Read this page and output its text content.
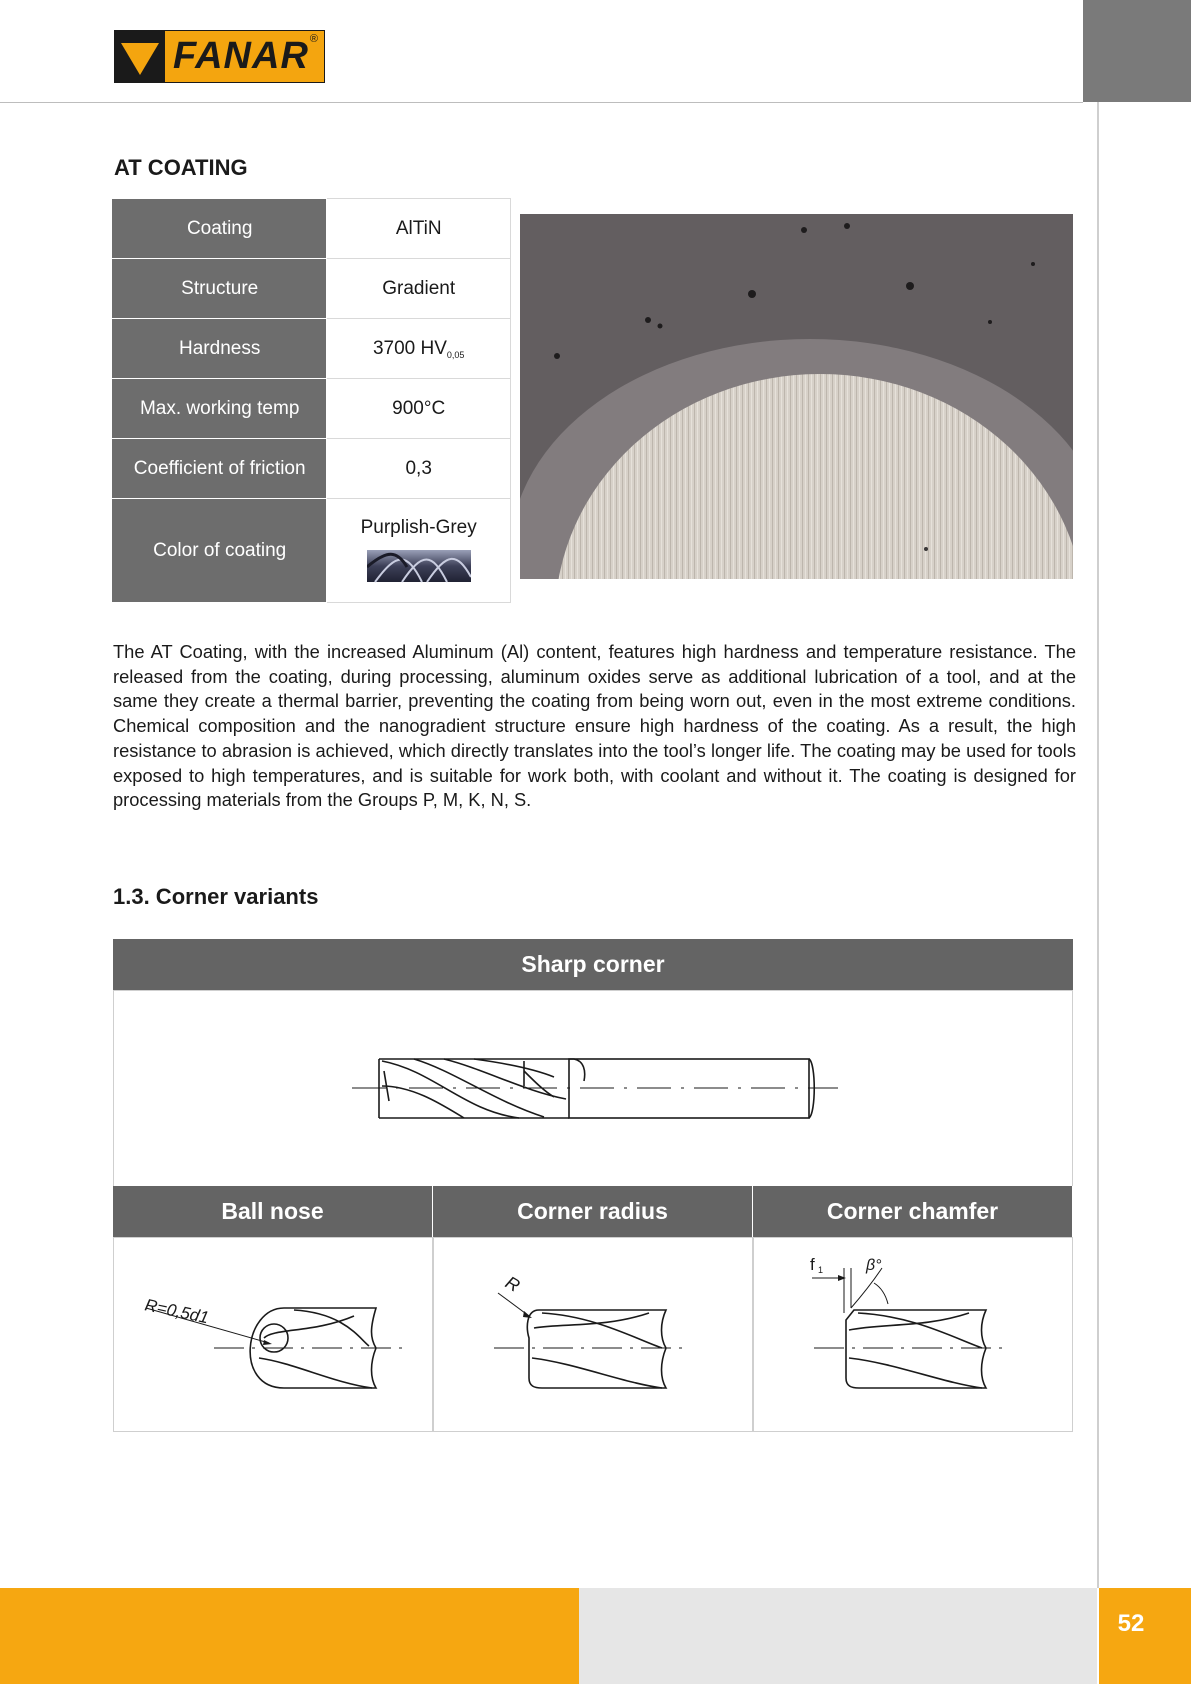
FANAR ®
AT COATING
Coating	AlTiN
Structure	Gradient
Hardness	3700 $HV_{0,05}$
Max. working temp	900°C
Coefficient of friction	0,3
Color of coating	Purplish-Grey

The AT Coating, with the increased Aluminum (Al) content, features high hardness and temperature resistance. The released from the coating, during processing, aluminum oxides serve as additional lubrication of a tool, and at the same they create a thermal barrier, preventing the coating from being worn out, even in the most extreme conditions. Chemical composition and the nanogradient structure ensure high hardness of the coating. As a result, the high resistance to abrasion is achieved, which directly translates into the tool’s longer life. The coating may be used for tools exposed to high temperatures, and is suitable for work both, with coolant and without it. The coating is designed for processing materials from the Groups P, M, K, N, S.

1.3. Corner variants
Sharp corner
Ball nose
R=0,5d1
Corner radius
R
Corner chamfer
f 1	β°
52
